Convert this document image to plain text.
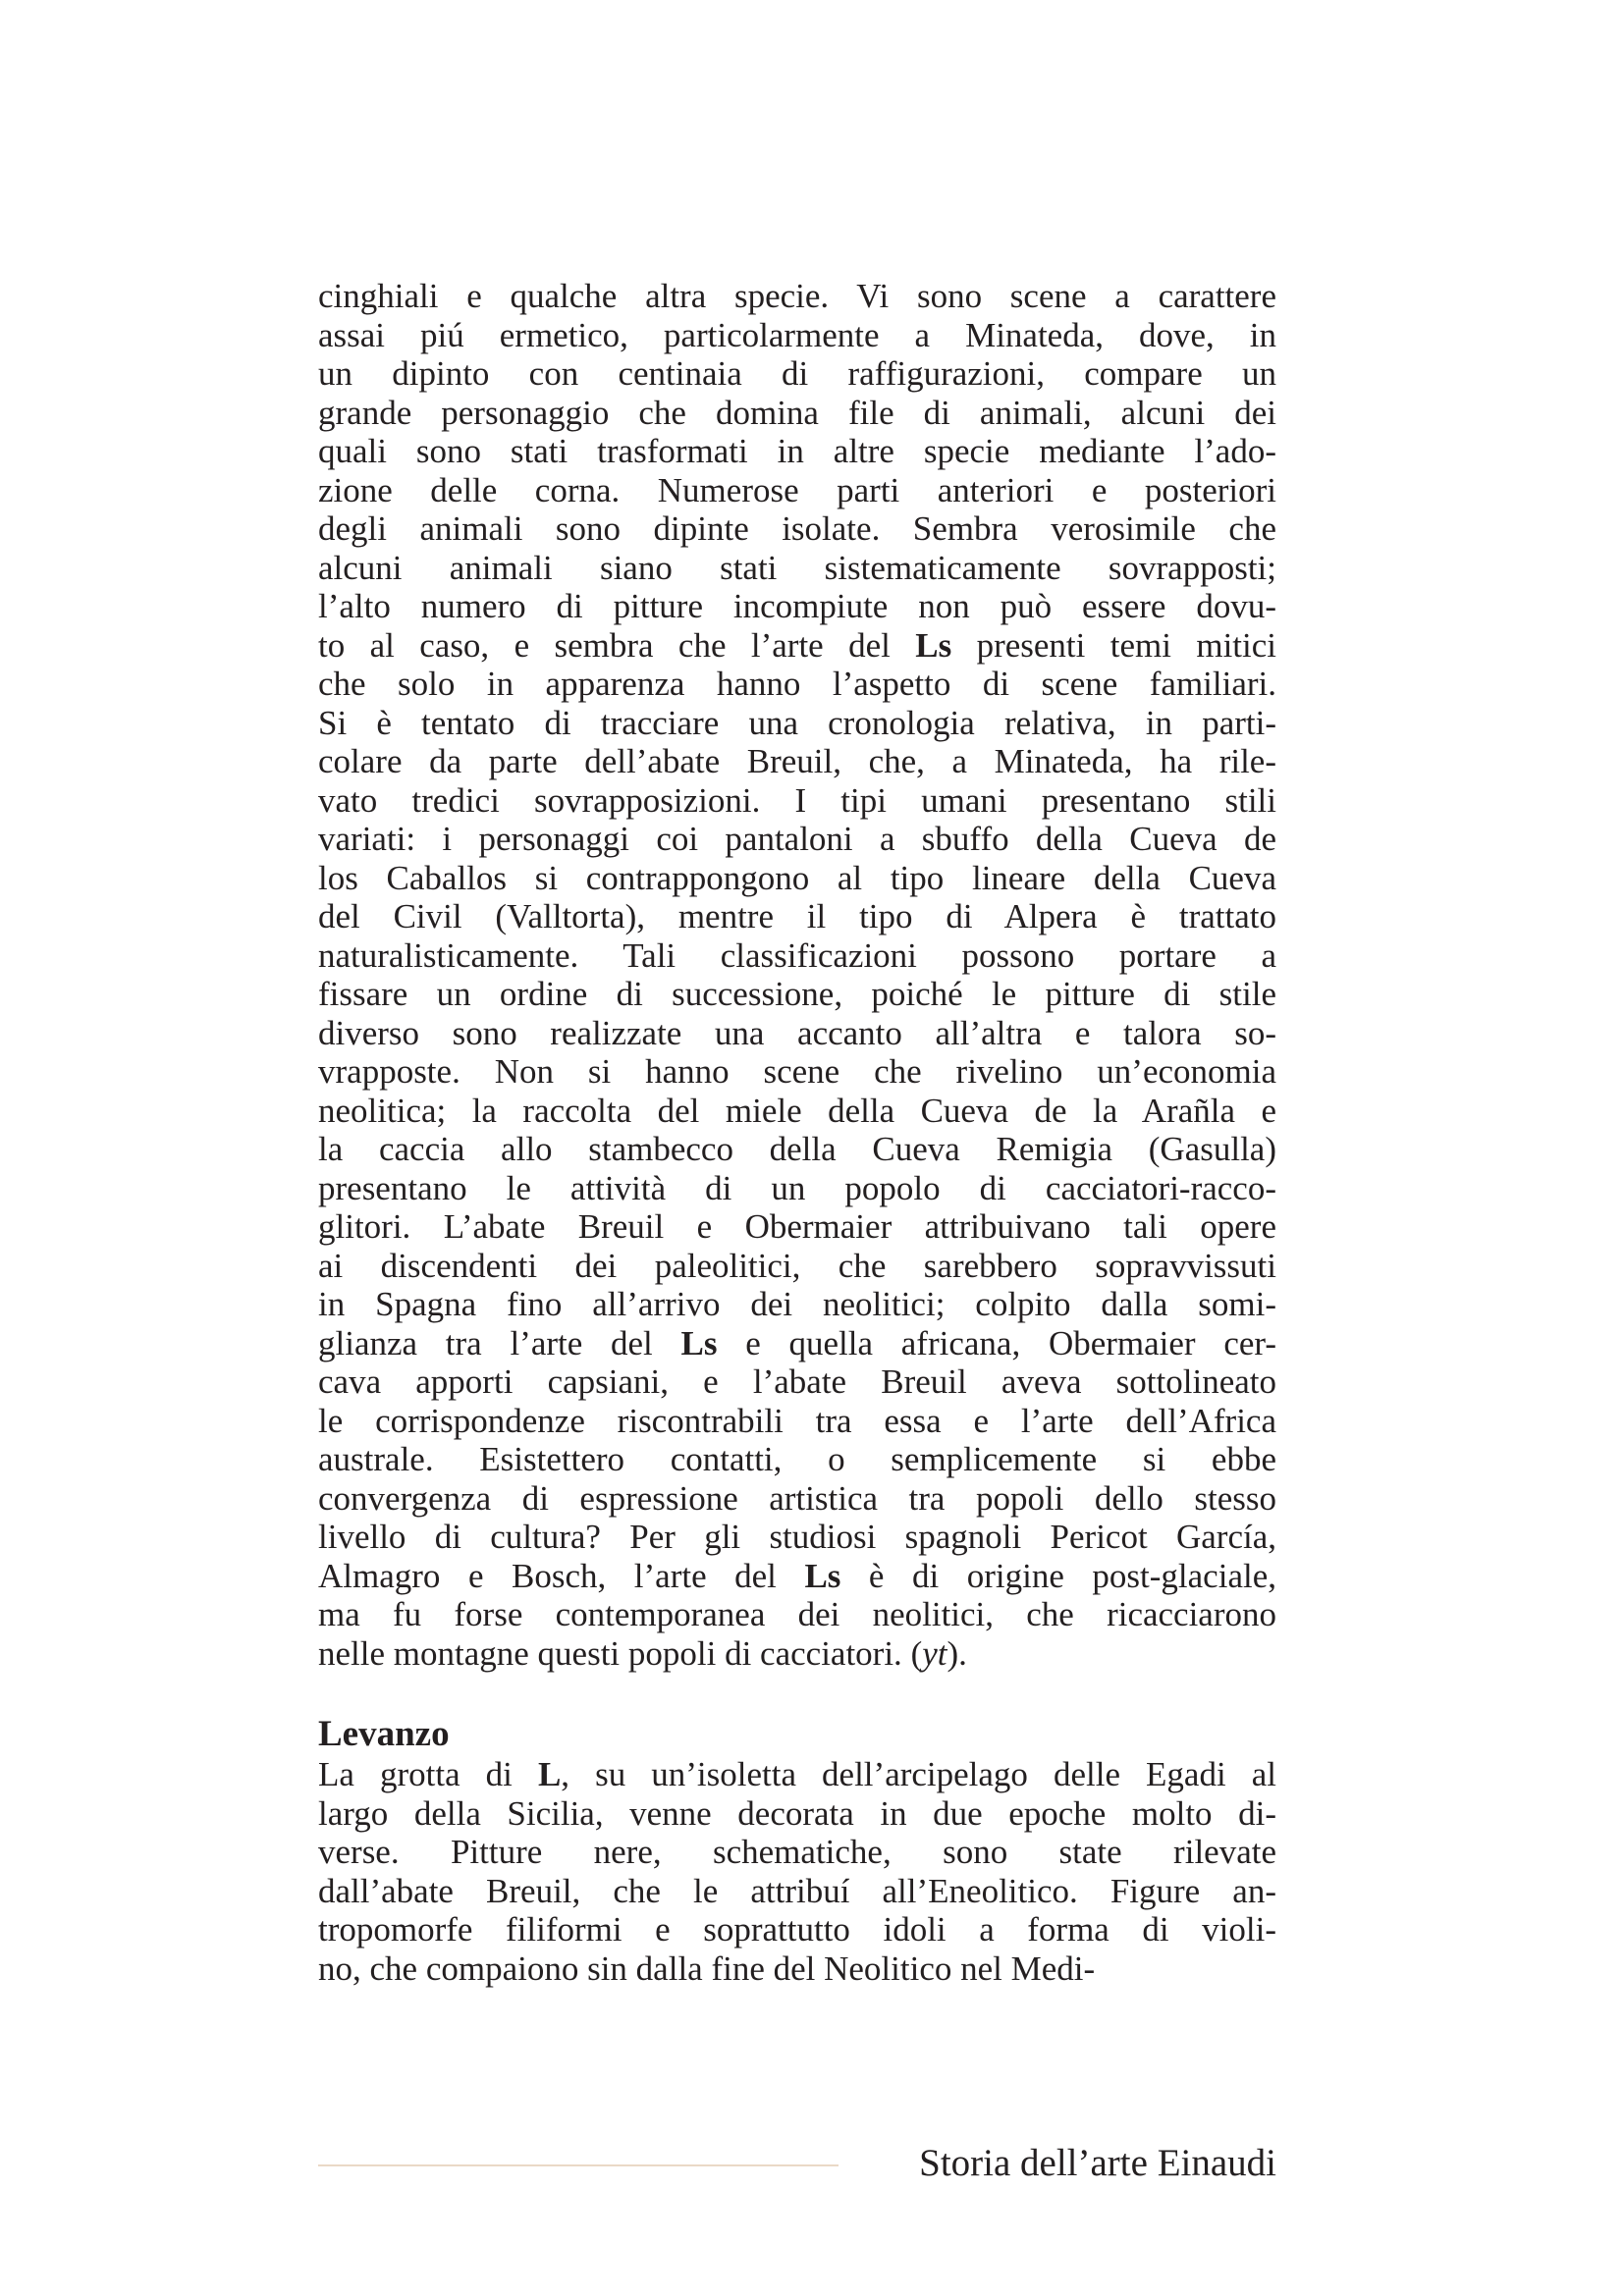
cinghiali e qualche altra specie. Vi sono scene a carattere
assai piú ermetico, particolarmente a Minateda, dove, in
un dipinto con centinaia di raffigurazioni, compare un
grande personaggio che domina file di animali, alcuni dei
quali sono stati trasformati in altre specie mediante l’ado-
zione delle corna. Numerose parti anteriori e posteriori
degli animali sono dipinte isolate. Sembra verosimile che
alcuni animali siano stati sistematicamente sovrapposti;
l’alto numero di pitture incompiute non può essere dovu-
to al caso, e sembra che l’arte del Ls presenti temi mitici
che solo in apparenza hanno l’aspetto di scene familiari.
Si è tentato di tracciare una cronologia relativa, in parti-
colare da parte dell’abate Breuil, che, a Minateda, ha rile-
vato tredici sovrapposizioni. I tipi umani presentano stili
variati: i personaggi coi pantaloni a sbuffo della Cueva de
los Caballos si contrappongono al tipo lineare della Cueva
del Civil (Valltorta), mentre il tipo di Alpera è trattato
naturalisticamente. Tali classificazioni possono portare a
fissare un ordine di successione, poiché le pitture di stile
diverso sono realizzate una accanto all’altra e talora so-
vrapposte. Non si hanno scene che rivelino un’economia
neolitica; la raccolta del miele della Cueva de la Arañla e
la caccia allo stambecco della Cueva Remigia (Gasulla)
presentano le attività di un popolo di cacciatori-racco-
glitori. L’abate Breuil e Obermaier attribuivano tali opere
ai discendenti dei paleolitici, che sarebbero sopravvissuti
in Spagna fino all’arrivo dei neolitici; colpito dalla somi-
glianza tra l’arte del Ls e quella africana, Obermaier cer-
cava apporti capsiani, e l’abate Breuil aveva sottolineato
le corrispondenze riscontrabili tra essa e l’arte dell’Africa
australe. Esistettero contatti, o semplicemente si ebbe
convergenza di espressione artistica tra popoli dello stesso
livello di cultura? Per gli studiosi spagnoli Pericot García,
Almagro e Bosch, l’arte del Ls è di origine post-glaciale,
ma fu forse contemporanea dei neolitici, che ricacciarono
nelle montagne questi popoli di cacciatori. (yt).
Levanzo
La grotta di L, su un’isoletta dell’arcipelago delle Egadi al
largo della Sicilia, venne decorata in due epoche molto di-
verse. Pitture nere, schematiche, sono state rilevate
dall’abate Breuil, che le attribuí all’Eneolitico. Figure an-
tropomorfe filiformi e soprattutto idoli a forma di violi-
no, che compaiono sin dalla fine del Neolitico nel Medi-
Storia dell’arte Einaudi
